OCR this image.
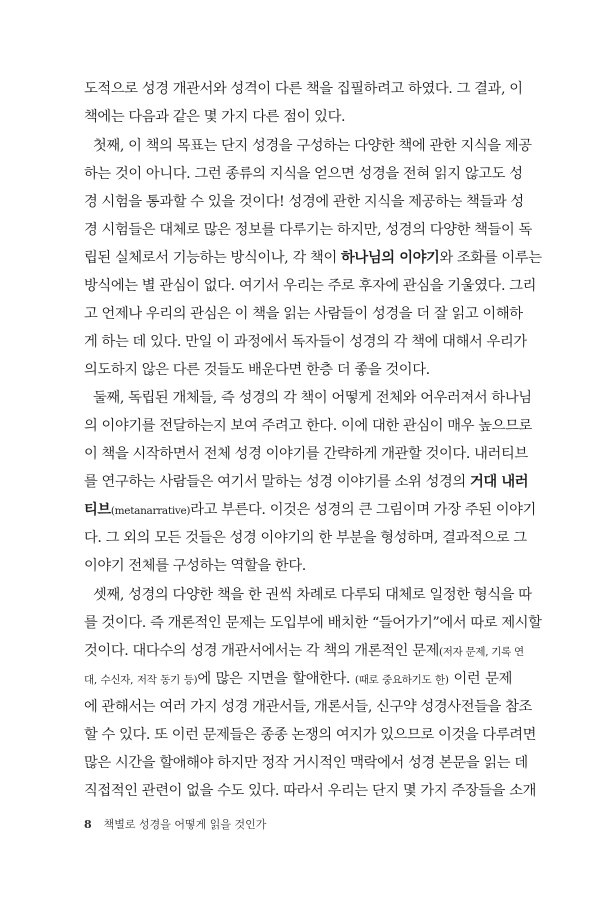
도적으로 성경 개관서와 성격이 다른 책을 집필하려고 하였다. 그 결과, 이
책에는 다음과 같은 몇 가지 다른 점이 있다.
첫째, 이 책의 목표는 단지 성경을 구성하는 다양한 책에 관한 지식을 제공
하는 것이 아니다. 그런 종류의 지식을 얻으면 성경을 전혀 읽지 않고도 성
경 시험을 통과할 수 있을 것이다! 성경에 관한 지식을 제공하는 책들과 성
경 시험들은 대체로 많은 정보를 다루기는 하지만, 성경의 다양한 책들이 독
립된 실체로서 기능하는 방식이나, 각 책이 하나님의 이야기와 조화를 이루는
방식에는 별 관심이 없다. 여기서 우리는 주로 후자에 관심을 기울였다. 그리
고 언제나 우리의 관심은 이 책을 읽는 사람들이 성경을 더 잘 읽고 이해하
게 하는 데 있다. 만일 이 과정에서 독자들이 성경의 각 책에 대해서 우리가
의도하지 않은 다른 것들도 배운다면 한층 더 좋을 것이다.
둘째, 독립된 개체들, 즉 성경의 각 책이 어떻게 전체와 어우러져서 하나님
의 이야기를 전달하는지 보여 주려고 한다. 이에 대한 관심이 매우 높으므로
이 책을 시작하면서 전체 성경 이야기를 간략하게 개관할 것이다. 내러티브
를 연구하는 사람들은 여기서 말하는 성경 이야기를 소위 성경의 거대 내러
티브(metanarrative)라고 부른다. 이것은 성경의 큰 그림이며 가장 주된 이야기
다. 그 외의 모든 것들은 성경 이야기의 한 부분을 형성하며, 결과적으로 그
이야기 전체를 구성하는 역할을 한다.
셋째, 성경의 다양한 책을 한 권씩 차례로 다루되 대체로 일정한 형식을 따
를 것이다. 즉 개론적인 문제는 도입부에 배치한 “들어가기”에서 따로 제시할
것이다. 대다수의 성경 개관서에서는 각 책의 개론적인 문제(저자 문제, 기록 연
대, 수신자, 저작 동기 등)에 많은 지면을 할애한다. (때로 중요하기도 한) 이런 문제
에 관해서는 여러 가지 성경 개관서들, 개론서들, 신구약 성경사전들을 참조
할 수 있다. 또 이런 문제들은 종종 논쟁의 여지가 있으므로 이것을 다루려면
많은 시간을 할애해야 하지만 정작 거시적인 맥락에서 성경 본문을 읽는 데
직접적인 관련이 없을 수도 있다. 따라서 우리는 단지 몇 가지 주장들을 소개
8 책별로 성경을 어떻게 읽을 것인가
